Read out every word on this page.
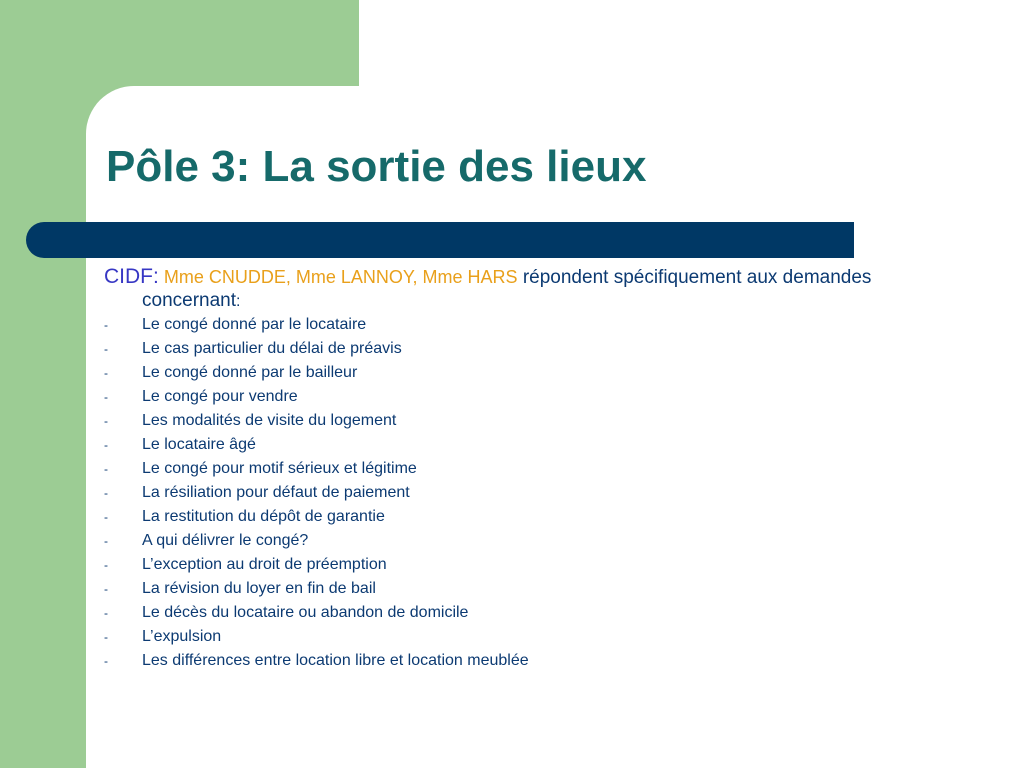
Pôle 3: La sortie des lieux
CIDF: Mme CNUDDE, Mme LANNOY, Mme HARS répondent spécifiquement aux demandes concernant:
- Le congé donné par le locataire
- Le cas particulier du délai de préavis
- Le congé donné par le bailleur
- Le congé pour vendre
- Les modalités de visite du logement
- Le locataire âgé
- Le congé pour motif sérieux et légitime
- La résiliation pour défaut de paiement
- La restitution du dépôt de garantie
- A qui délivrer le congé?
- L’exception au droit de préemption
- La révision du loyer en fin de bail
- Le décès du locataire ou abandon de domicile
- L’expulsion
- Les différences entre location libre et location meublée
